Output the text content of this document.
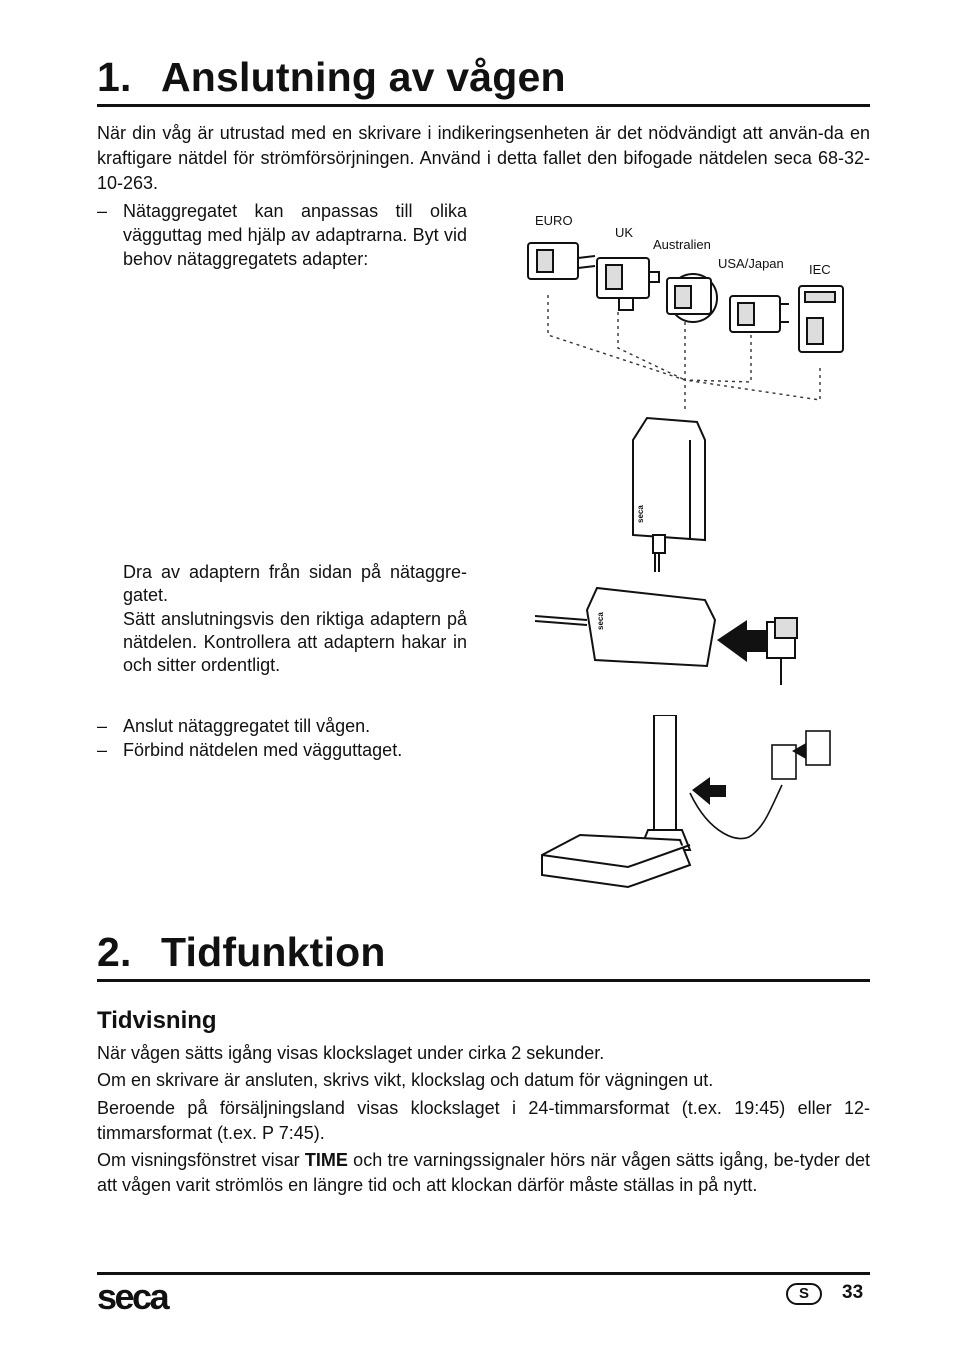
1. Anslutning av vågen

När din våg är utrustad med en skrivare i indikeringsenheten är det nödvändigt att använ-da en kraftigare nätdel för strömförsörjningen. Använd i detta fallet den bifogade nätdelen seca 68-32-10-263.

– Nätaggregatet kan anpassas till olika vägguttag med hjälp av adaptrarna. Byt vid behov nätaggregatets adapter:

Dra av adaptern från sidan på nätaggre-gatet.

Sätt anslutningsvis den riktiga adaptern på nätdelen. Kontrollera att adaptern hakar in och sitter ordentligt.

– Anslut nätaggregatet till vågen.
– Förbind nätdelen med vägguttaget.
EURO
UK
Australien
USA/Japan IEC
seca
seca
2. Tidfunktion
Tidvisning

När vågen sätts igång visas klockslaget under cirka 2 sekunder.

Om en skrivare är ansluten, skrivs vikt, klockslag och datum för vägningen ut.

Beroende på försäljningsland visas klockslaget i 24-timmarsformat (t.ex. 19:45) eller 12-timmarsformat (t.ex. P 7:45).

Om visningsfönstret visar TIME och tre varningssignaler hörs när vågen sätts igång, be-tyder det att vågen varit strömlös en längre tid och att klockan därför måste ställas in på nytt.

seca	S	33
